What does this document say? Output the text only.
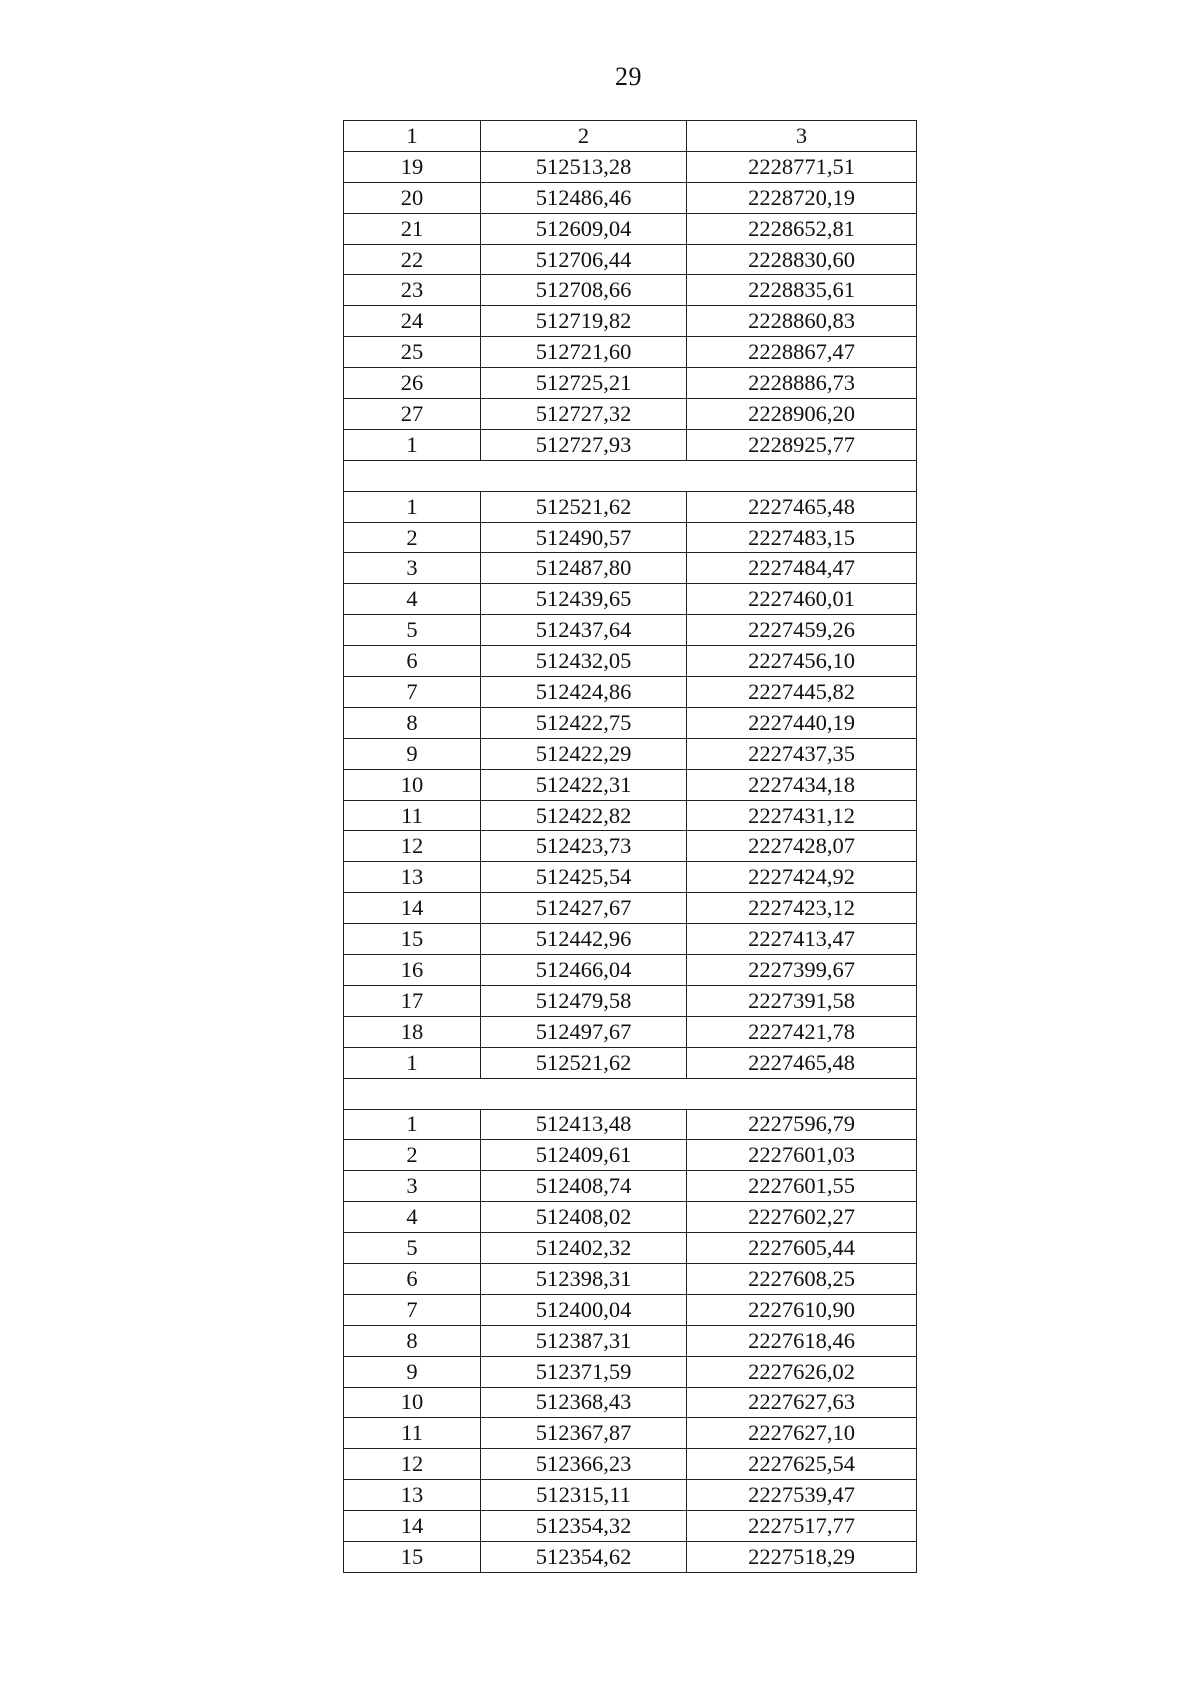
29
1	2	3
19	512513,28	2228771,51
20	512486,46	2228720,19
21	512609,04	2228652,81
22	512706,44	2228830,60
23	512708,66	2228835,61
24	512719,82	2228860,83
25	512721,60	2228867,47
26	512725,21	2228886,73
27	512727,32	2228906,20
1	512727,93	2228925,77

1	512521,62	2227465,48
2	512490,57	2227483,15
3	512487,80	2227484,47
4	512439,65	2227460,01
5	512437,64	2227459,26
6	512432,05	2227456,10
7	512424,86	2227445,82
8	512422,75	2227440,19
9	512422,29	2227437,35
10	512422,31	2227434,18
11	512422,82	2227431,12
12	512423,73	2227428,07
13	512425,54	2227424,92
14	512427,67	2227423,12
15	512442,96	2227413,47
16	512466,04	2227399,67
17	512479,58	2227391,58
18	512497,67	2227421,78
1	512521,62	2227465,48

1	512413,48	2227596,79
2	512409,61	2227601,03
3	512408,74	2227601,55
4	512408,02	2227602,27
5	512402,32	2227605,44
6	512398,31	2227608,25
7	512400,04	2227610,90
8	512387,31	2227618,46
9	512371,59	2227626,02
10	512368,43	2227627,63
11	512367,87	2227627,10
12	512366,23	2227625,54
13	512315,11	2227539,47
14	512354,32	2227517,77
15	512354,62	2227518,29
